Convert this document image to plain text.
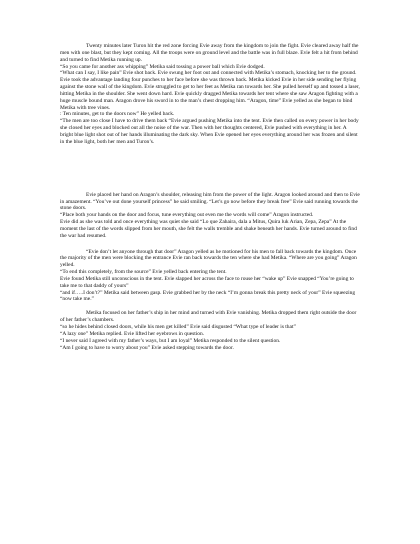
Twenty minutes later Turon hit the red zone forcing Evie away from the kingdom to join the fight. Evie cleared away half the men with one blast, but they kept coming. All the troops were on ground level and the battle was in full blaze. Evie felt a hit from behind and turned to find Metika running up.

“So you came for another ass whipping” Metika said tossing a power ball which Evie dodged.

“What can I say, I like pain” Evie shot back. Evie swung her foot out and connected with Metika’s stomach, knocking her to the ground. Evie took the advantage landing four punches to her face before she was thrown back. Metika kicked Evie in her side sending her flying against the stone wall of the kingdom. Evie struggled to get to her feet as Metika ran towards her. She pulled herself up and tossed a laser, hitting Metika in the shoulder. She went down hard. Evie quickly dragged Metika towards her tent where she saw Aragon fighting with a huge muscle bound man. Aragon drove his sword in to the man’s chest dropping him. “Aragon, time” Evie yelled as she began to bind Metika with tree vines.

: Ten minutes, get to the doors now” He yelled back.

“The men are too close I have to drive them back “Evie argued pushing Metika into the tent. Evie then called on every power in her body she closed her eyes and blocked out all the noise of the war. Then with her thoughts centered, Evie pushed with everything in her. A bright blue light shot out of her hands illuminating the dark sky. When Evie opened her eyes everything around her was frozen and silent in the blue light, both her men and Turon’s.

Evie placed her hand on Aragon’s shoulder, releasing him from the power of the light. Aragon looked around and then to Evie in amazement. “You’ve out done yourself princess” he said smiling. “Let’s go now before they break free” Evie said running towards the stone doors.

“Place both your hands on the door and focus, tune everything out even me the words will come” Aragon instructed.

Evie did as she was told and once everything was quiet she said “Lo que Zahaira, dala a Mitus, Quira luk Arian, Zepa, Zepa” At the moment the last of the words slipped from her mouth, she felt the walls tremble and shake beneath her hands. Evie turned around to find the war had resumed.

“Evie don’t let anyone through that door” Aragon yelled as he motioned for his men to fall back towards the kingdom. Once the majority of the men were blocking the entrance Evie ran back towards the ten where she had Metika. “Where are you going” Aragon yelled.

“To end this completely, from the source” Evie yelled back entering the tent.

Evie found Metika still unconscious in the tent. Evie slapped her across the face to rouse her “wake up” Evie snapped “You’re going to take me to that daddy of yours”

“and if…..I don’t?” Metika said between gasp. Evie grabbed her by the neck “I’m gonna break this pretty neck of your” Evie squeezing “now take me.”

Metika focused on her father’s ship in her mind and turned with Evie vanishing. Metika dropped them right outside the door of her father’s chambers.

“so he hides behind closed doors, while his men get killed” Evie said disgusted “What type of leader is that”

“A lazy one” Metika replied. Evie lifted her eyebrows in question.

“I never said I agreed with my father’s ways, but I am loyal” Metika responded to the silent question.

“Am I going to have to worry about you” Evie asked stepping towards the door.
